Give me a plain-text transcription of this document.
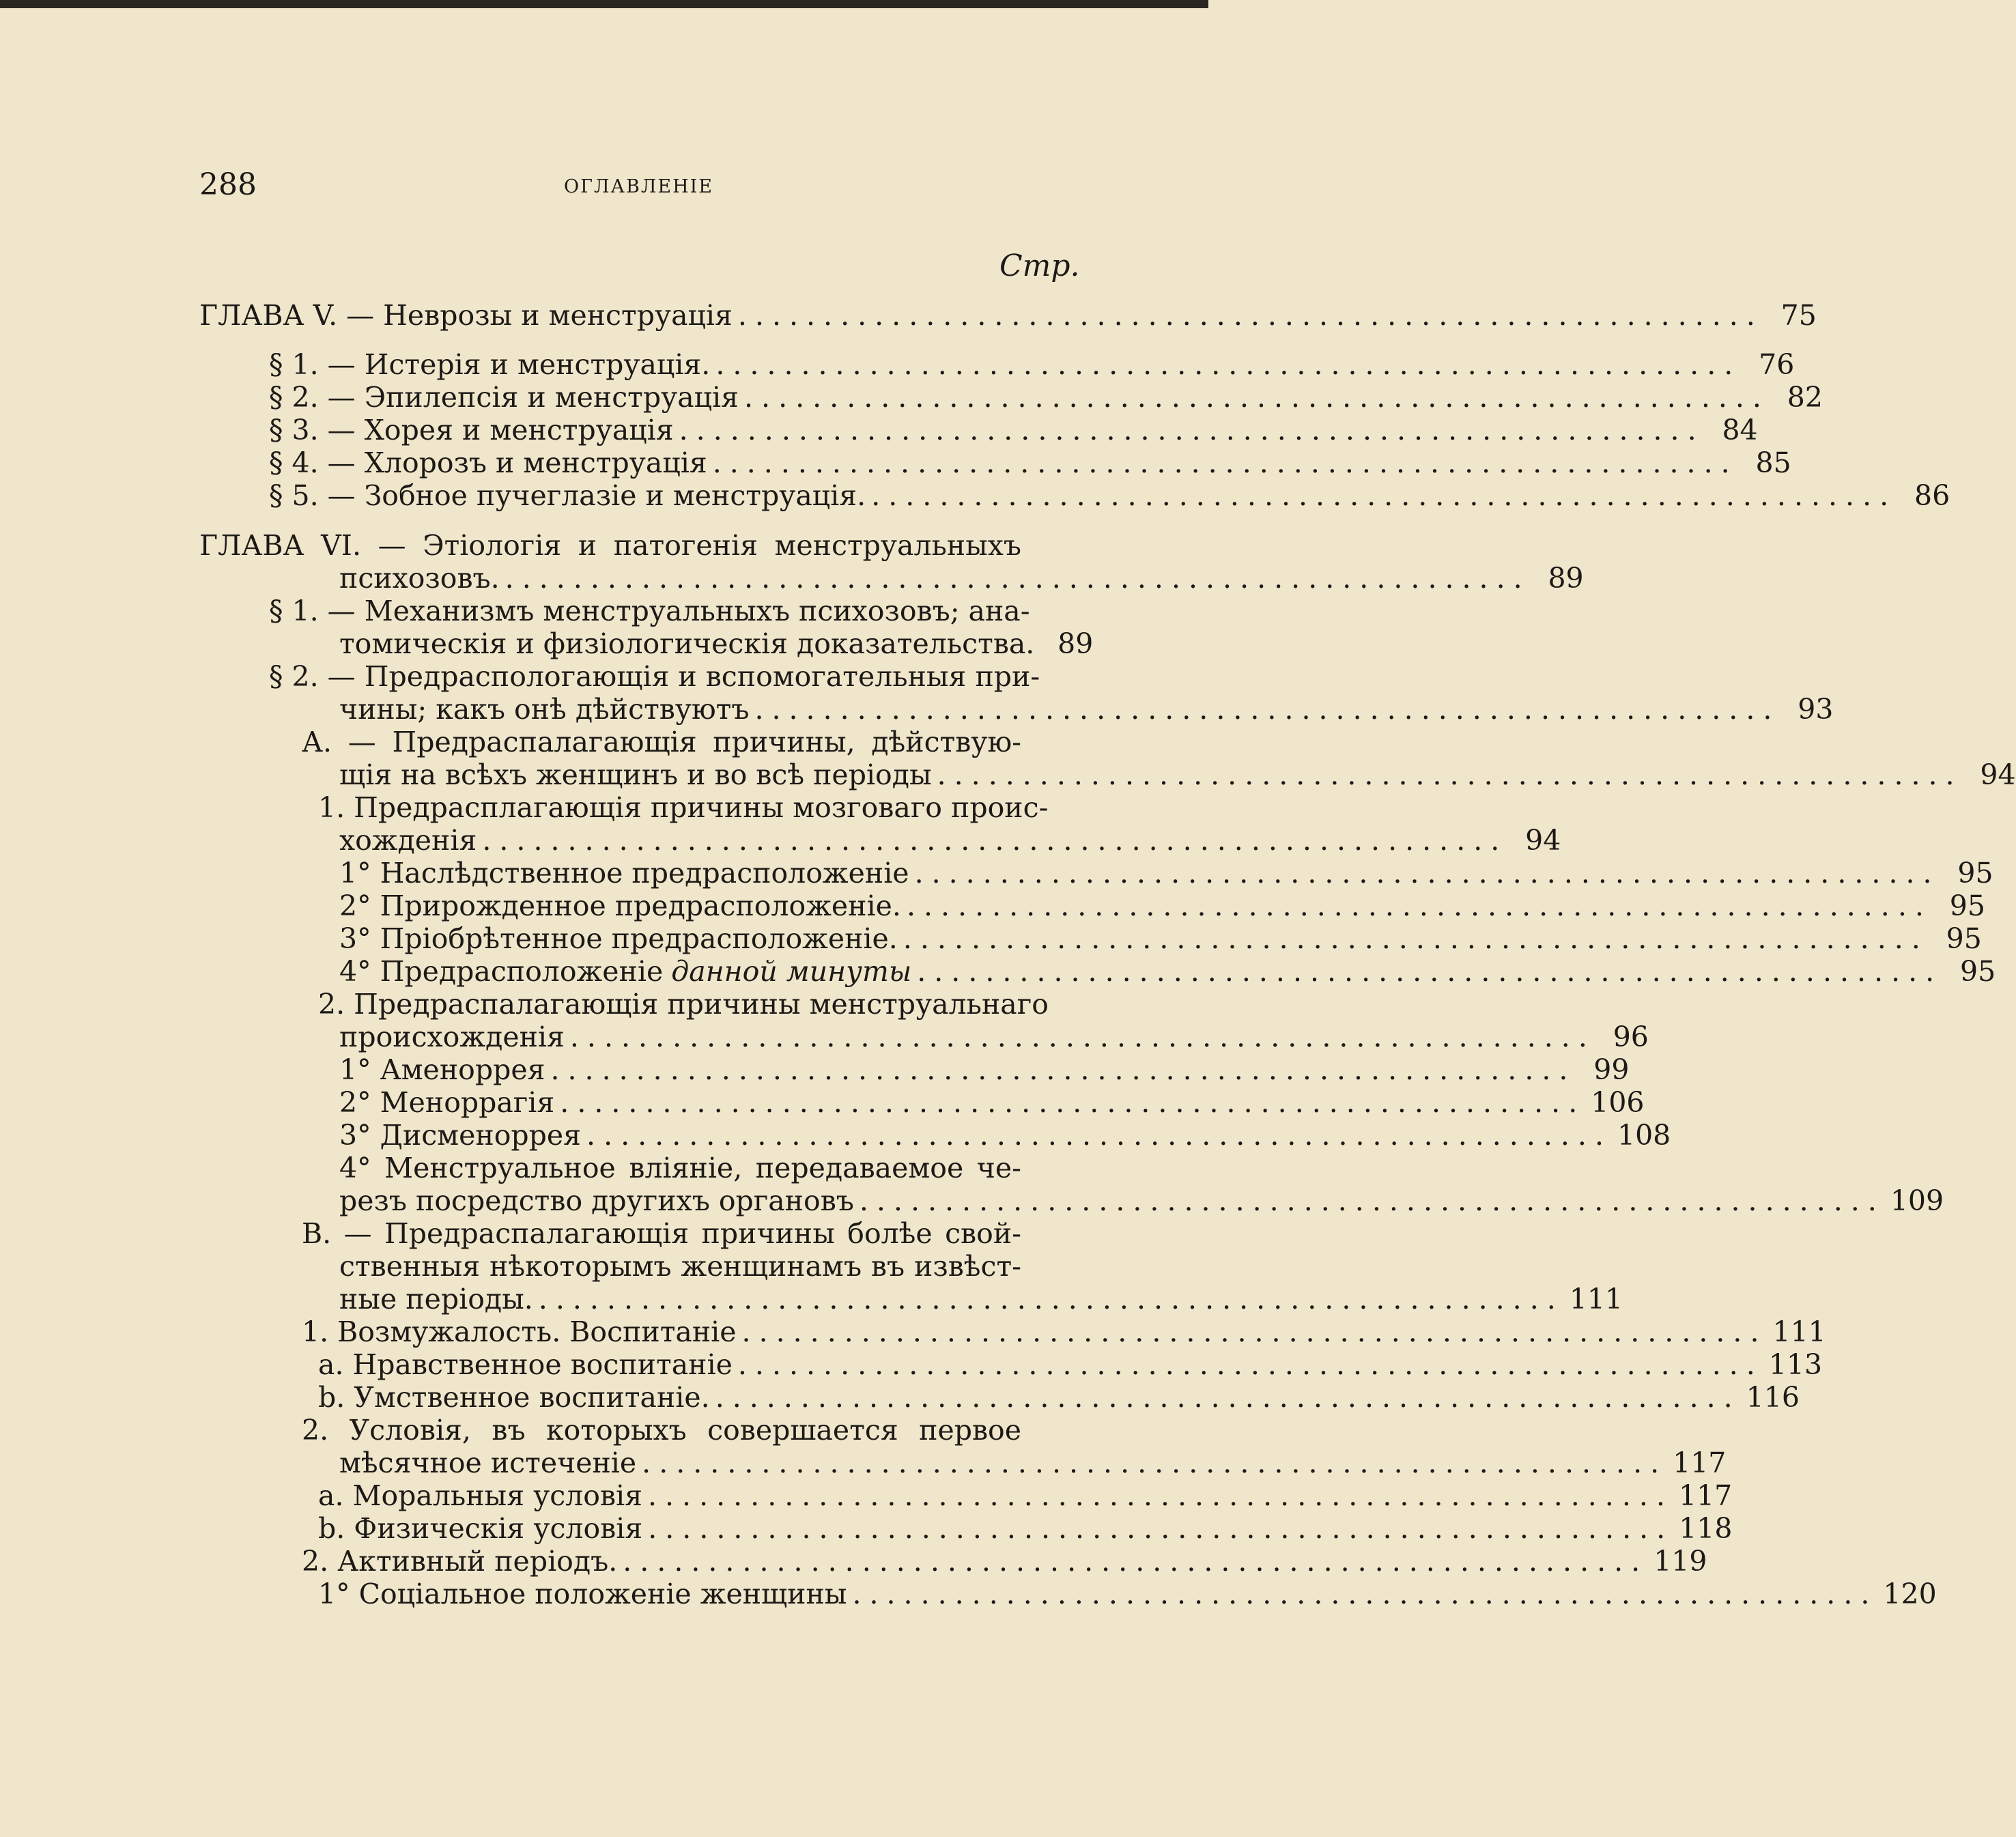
288	ОГЛАВЛЕНІЕ
Стр.
ГЛАВА V. — Неврозы и менструація ............................................................ 75
§ 1. — Истерія и менструація. ............................................................ 76
§ 2. — Эпилепсія и менструація ............................................................ 82
§ 3. — Хорея и менструація ............................................................ 84
§ 4. — Хлорозъ и менструація ............................................................ 85
§ 5. — Зобное пучеглазіе и менструація. ............................................................ 86
ГЛАВА VI. — Этіологія и патогенія менструальныхъ
психозовъ. ............................................................ 89
§ 1. — Механизмъ менструальныхъ психозовъ; ана-
томическія и физіологическія доказательства. 89
§ 2. — Предраспологающія и вспомогательныя при-
чины; какъ онѣ дѣйствуютъ ............................................................ 93
А. — Предраспалагающія причины, дѣйствую-
щія на всѣхъ женщинъ и во всѣ періоды ............................................................ 94
1. Предрасплагающія причины мозговаго проис-
хожденія ............................................................ 94
1° Наслѣдственное предрасположеніе ............................................................ 95
2° Прирожденное предрасположеніе. ............................................................ 95
3° Пріобрѣтенное предрасположеніе. ............................................................ 95
4° Предрасположеніе данной минуты ............................................................ 95
2. Предраспалагающія причины менструальнаго
происхожденія ............................................................ 96
1° Аменоррея ............................................................ 99
2° Меноррагія ............................................................ 106
3° Дисменоррея ............................................................ 108
4° Менструальное вліяніе, передаваемое че-
резъ посредство другихъ органовъ ............................................................ 109
В. — Предраспалагающія причины болѣе свой-
ственныя нѣкоторымъ женщинамъ въ извѣст-
ные періоды. ............................................................ 111
1. Возмужалость. Воспитаніе ............................................................ 111
а. Нравственное воспитаніе ............................................................ 113
b. Умственное воспитаніе. ............................................................ 116
2. Условія, въ которыхъ совершается первое
мѣсячное истеченіе ............................................................ 117
а. Моральныя условія ............................................................ 117
b. Физическія условія ............................................................ 118
2. Активный періодъ. ............................................................ 119
1° Соціальное положеніе женщины ............................................................ 120
